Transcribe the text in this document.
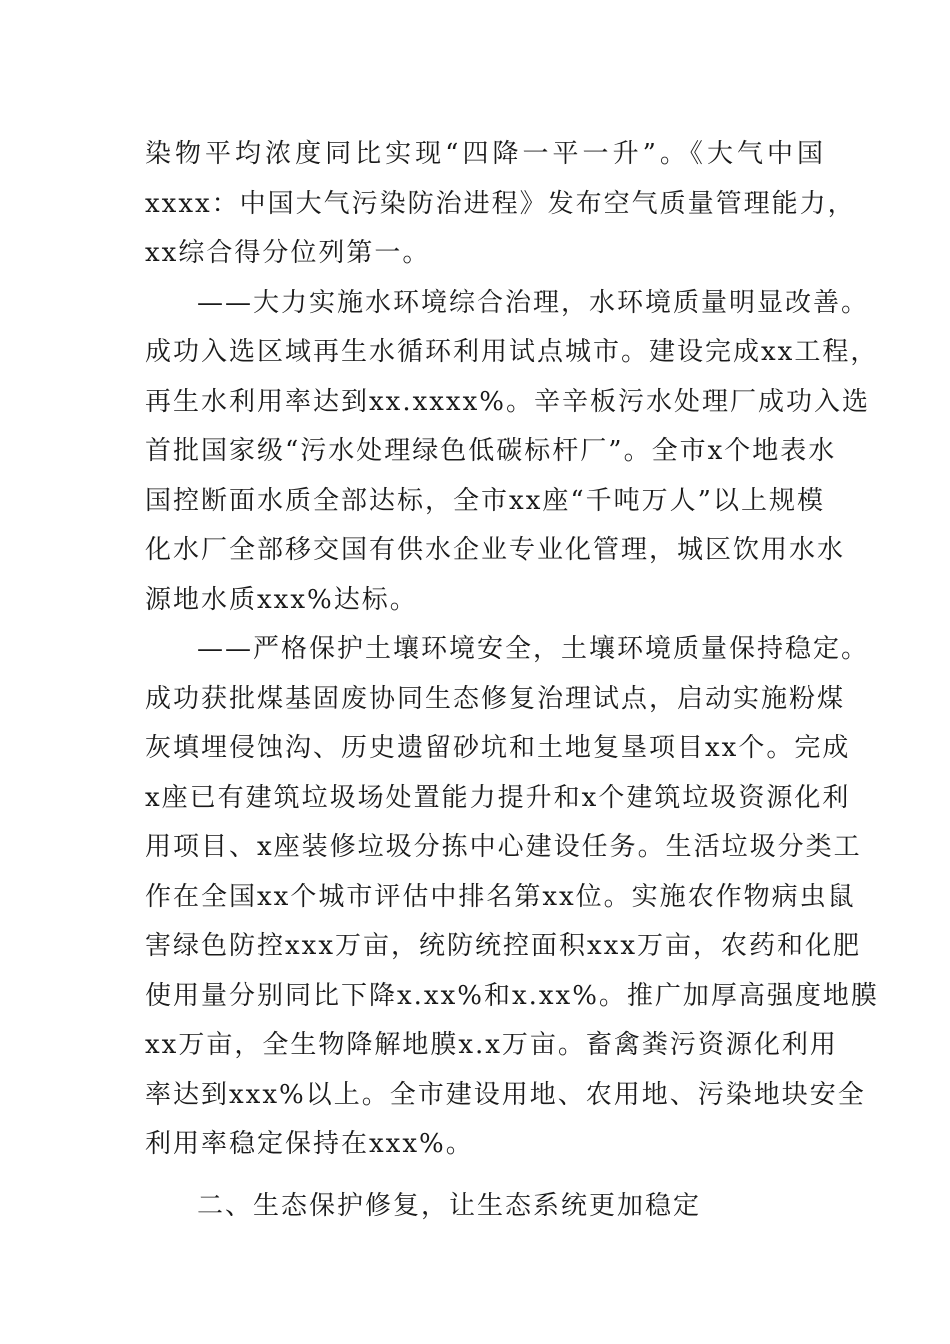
染物平均浓度同比实现“四降一平一升”。《大气中国
xxxx：中国大气污染防治进程》发布空气质量管理能力，
xx综合得分位列第一。
——大力实施水环境综合治理，水环境质量明显改善。
成功入选区域再生水循环利用试点城市。建设完成xx工程，
再生水利用率达到xx.xxxx%。辛辛板污水处理厂成功入选
首批国家级“污水处理绿色低碳标杆厂”。全市x个地表水
国控断面水质全部达标，全市xx座“千吨万人”以上规模
化水厂全部移交国有供水企业专业化管理，城区饮用水水
源地水质xxx%达标。
——严格保护土壤环境安全，土壤环境质量保持稳定。
成功获批煤基固废协同生态修复治理试点，启动实施粉煤
灰填埋侵蚀沟、历史遗留砂坑和土地复垦项目xx个。完成
x座已有建筑垃圾场处置能力提升和x个建筑垃圾资源化利
用项目、x座装修垃圾分拣中心建设任务。生活垃圾分类工
作在全国xx个城市评估中排名第xx位。实施农作物病虫鼠
害绿色防控xxx万亩，统防统控面积xxx万亩，农药和化肥
使用量分别同比下降x.xx%和x.xx%。推广加厚高强度地膜
xx万亩，全生物降解地膜x.x万亩。畜禽粪污资源化利用
率达到xxx%以上。全市建设用地、农用地、污染地块安全
利用率稳定保持在xxx%。
二、生态保护修复，让生态系统更加稳定
